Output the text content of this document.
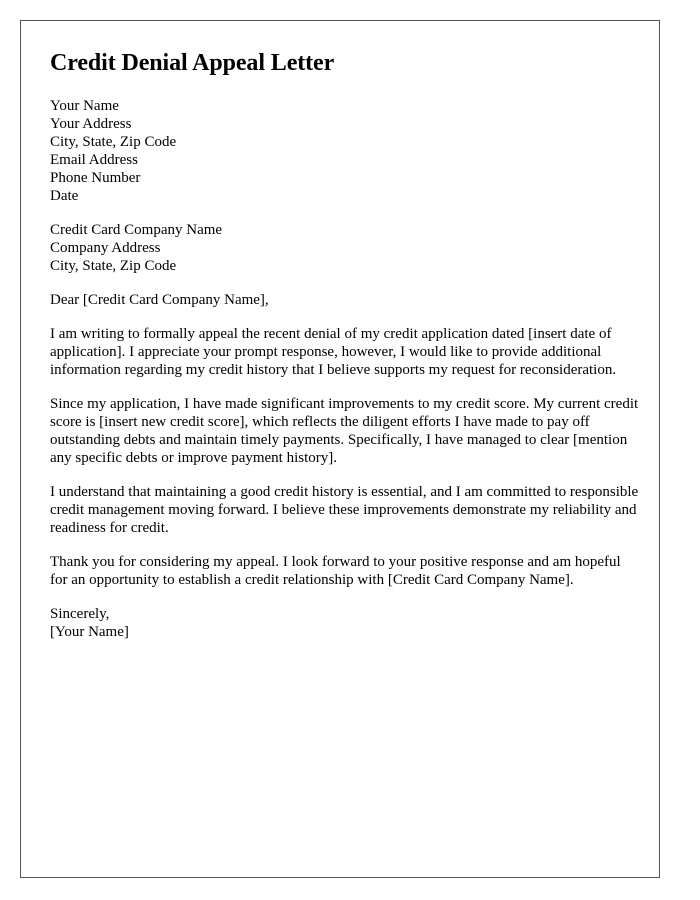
Credit Denial Appeal Letter
Your Name
Your Address
City, State, Zip Code
Email Address
Phone Number
Date
Credit Card Company Name
Company Address
City, State, Zip Code

Dear [Credit Card Company Name],

I am writing to formally appeal the recent denial of my credit application dated [insert date of application]. I appreciate your prompt response, however, I would like to provide additional information regarding my credit history that I believe supports my request for reconsideration.

Since my application, I have made significant improvements to my credit score. My current credit score is [insert new credit score], which reflects the diligent efforts I have made to pay off outstanding debts and maintain timely payments. Specifically, I have managed to clear [mention any specific debts or improve payment history].

I understand that maintaining a good credit history is essential, and I am committed to responsible credit management moving forward. I believe these improvements demonstrate my reliability and readiness for credit.

Thank you for considering my appeal. I look forward to your positive response and am hopeful for an opportunity to establish a credit relationship with [Credit Card Company Name].

Sincerely,
[Your Name]
